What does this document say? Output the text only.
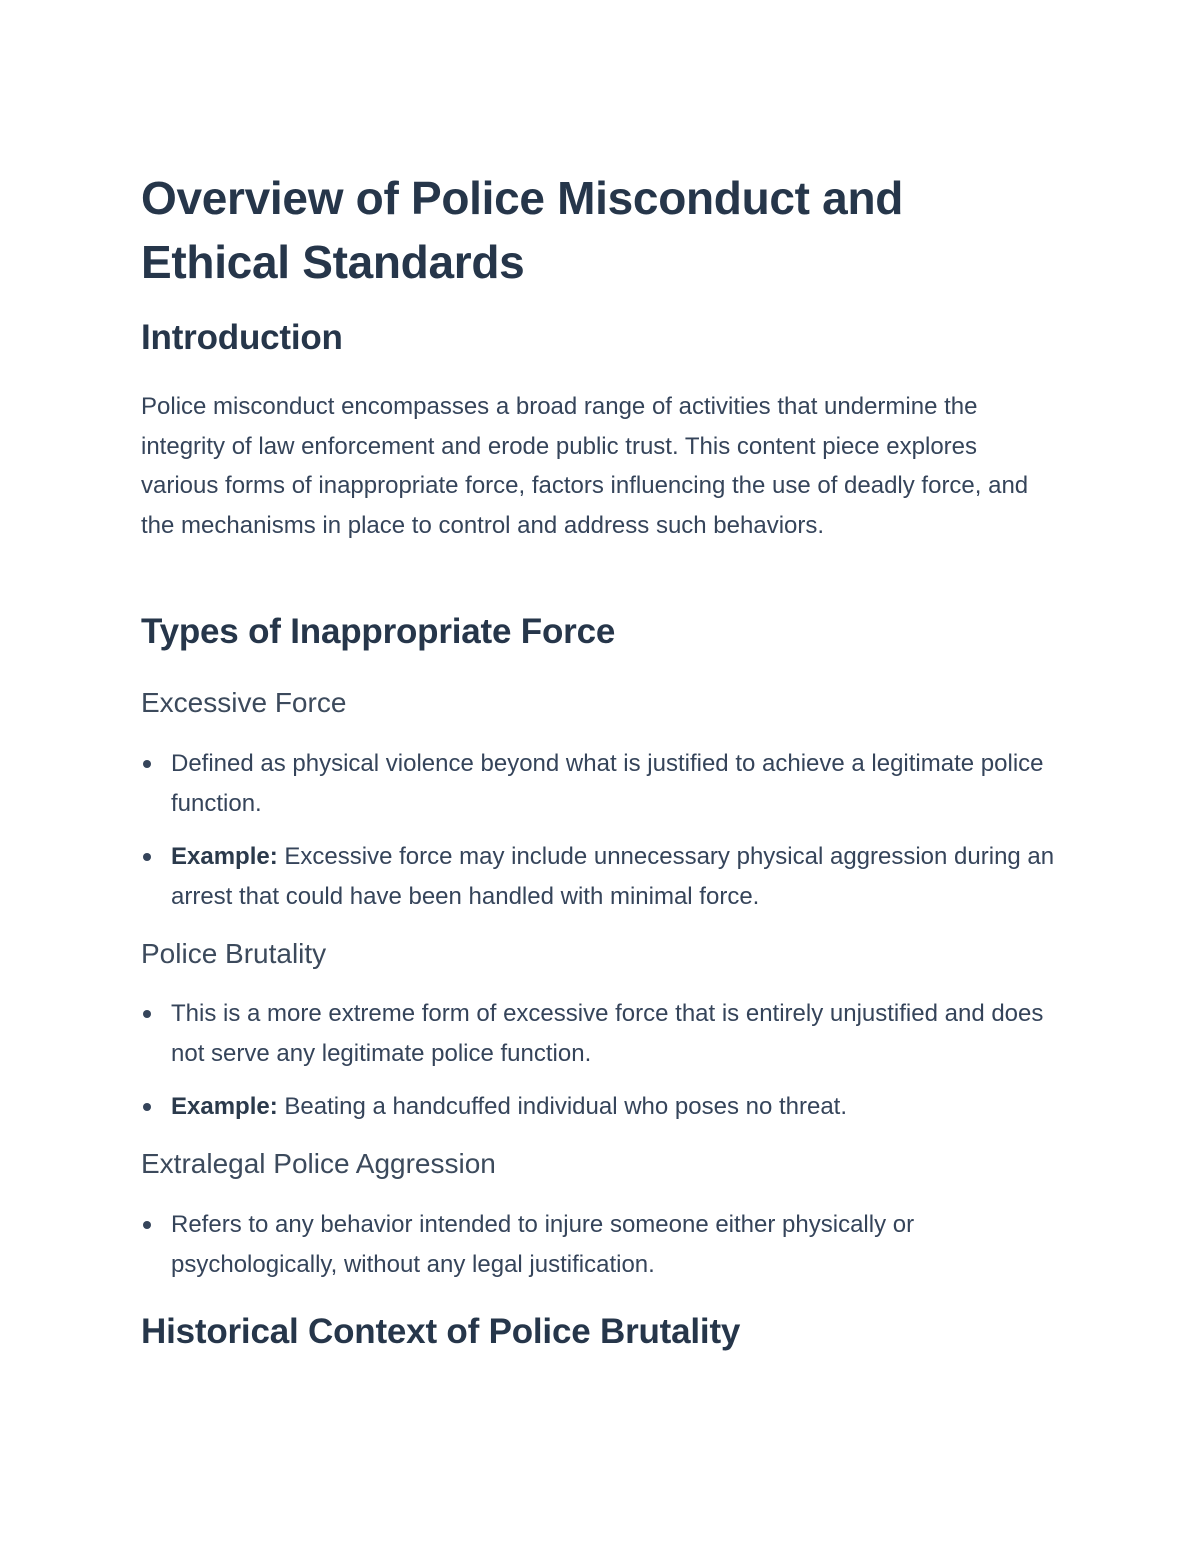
Overview of Police Misconduct and Ethical Standards
Introduction

Police misconduct encompasses a broad range of activities that undermine the integrity of law enforcement and erode public trust. This content piece explores various forms of inappropriate force, factors influencing the use of deadly force, and the mechanisms in place to control and address such behaviors.

Types of Inappropriate Force
Excessive Force
Defined as physical violence beyond what is justified to achieve a legitimate police function.
Example: Excessive force may include unnecessary physical aggression during an arrest that could have been handled with minimal force.
Police Brutality
This is a more extreme form of excessive force that is entirely unjustified and does not serve any legitimate police function.
Example: Beating a handcuffed individual who poses no threat.
Extralegal Police Aggression
Refers to any behavior intended to injure someone either physically or psychologically, without any legal justification.
Historical Context of Police Brutality
